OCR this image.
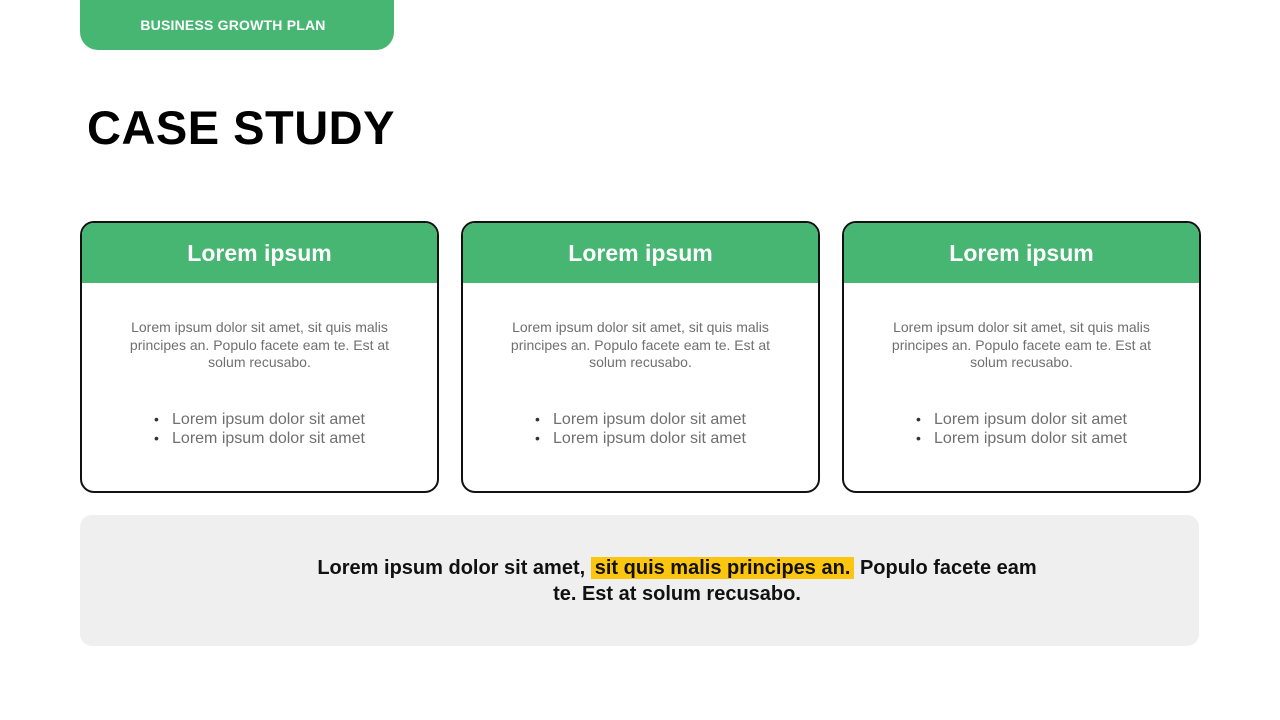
BUSINESS GROWTH PLAN
CASE STUDY
Lorem ipsum
Lorem ipsum dolor sit amet, sit quis malis principes an. Populo facete eam te. Est at solum recusabo.
• Lorem ipsum dolor sit amet
• Lorem ipsum dolor sit amet
Lorem ipsum
Lorem ipsum dolor sit amet, sit quis malis principes an. Populo facete eam te. Est at solum recusabo.
• Lorem ipsum dolor sit amet
• Lorem ipsum dolor sit amet
Lorem ipsum
Lorem ipsum dolor sit amet, sit quis malis principes an. Populo facete eam te. Est at solum recusabo.
• Lorem ipsum dolor sit amet
• Lorem ipsum dolor sit amet
Lorem ipsum dolor sit amet, sit quis malis principes an. Populo facete eam te. Est at solum recusabo.
